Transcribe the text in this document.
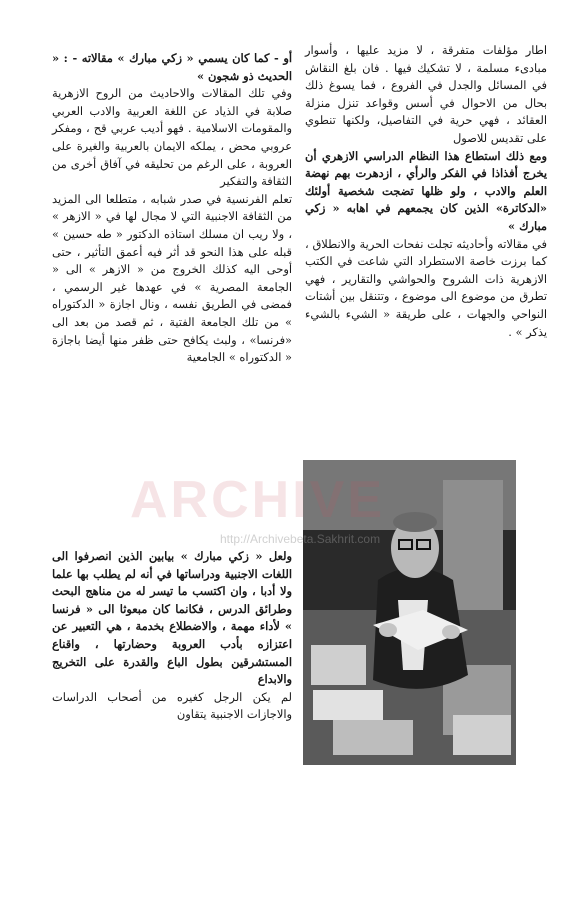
اطار مؤلفات متفرقة ، لا مزيد عليها ، وأسوار مبادىء مسلمة ، لا تشكيك فيها . فان بلغ النقاش في المسائل والجدل في الفروع ، فما يسوغ ذلك بحال من الاحوال في أسس وقواعد تنزل منزلة العقائد ، فهي حرية في التفاصيل، ولكنها تنطوي على تقديس للاصول

ومع ذلك استطاع هذا النظام الدراسي الازهري أن يخرج أفذاذا في الفكر والرأي ، ازدهرت بهم نهضة العلم والادب ، ولو ظلها تضجت شخصية أولئك «الدكاترة» الذين كان يجمعهم في اهابه « زكي مبارك »

في مقالاته وأحاديثه تجلت نفحات الحرية والانطلاق ، كما برزت خاصة الاستطراد التي شاعت في الكتب الازهرية ذات الشروح والحواشي والتقارير ، فهي تطرق من موضوع الى موضوع ، وتتنقل بين أشتات النواحي والجهات ، على طريقة « الشيء بالشيء يذكر » .

أو - كما كان يسمي « زكي مبارك » مقالاته - : « الحديث ذو شجون »

وفي تلك المقالات والاحاديث من الروح الازهرية صلابة في الذياد عن اللغة العربية والادب العربي والمقومات الاسلامية . فهو أديب عربي قح ، ومفكر عروبي محض ، يملكه الايمان بالعربية والغيرة على العروبة ، على الرغم من تحليقه في آفاق أخرى من الثقافة والتفكير

تعلم الفرنسية في صدر شبابه ، متطلعا الى المزيد من الثقافة الاجنبية التي لا مجال لها في « الازهر » ، ولا ريب ان مسلك استاذه الدكتور « طه حسين » قبله على هذا النحو قد أثر فيه أعمق التأثير ، حتى أوحى اليه كذلك الخروج من « الازهر » الى « الجامعة المصرية » في عهدها غير الرسمي ، فمضى في الطريق نفسه ، ونال اجازة « الدكتوراه » من تلك الجامعة الفتية ، ثم قصد من بعد الى «فرنسا» ، ولبث يكافح حتى ظفر منها أيضا باجازة « الدكتوراه » الجامعية

ولعل « زكي مبارك » بيابين الذين انصرفوا الى اللغات الاجنبية ودراساتها في أنه لم يطلب بها علما ولا أدبا ، وان اكتسب ما تيسر له من مناهج البحث وطرائق الدرس ، فكانما كان مبعوثا الى « فرنسا » لأداء مهمة ، والاضطلاع بخدمة ، هي التعبير عن اعتزازه بأدب العروبة وحضارتها ، واقناع المستشرقين بطول الباع والقدرة على التخريج والابداع

لم يكن الرجل كغيره من أصحاب الدراسات والاجازات الاجنبية يتقاون

ARCHIVE
http://Archivebeta.Sakhrit.com
